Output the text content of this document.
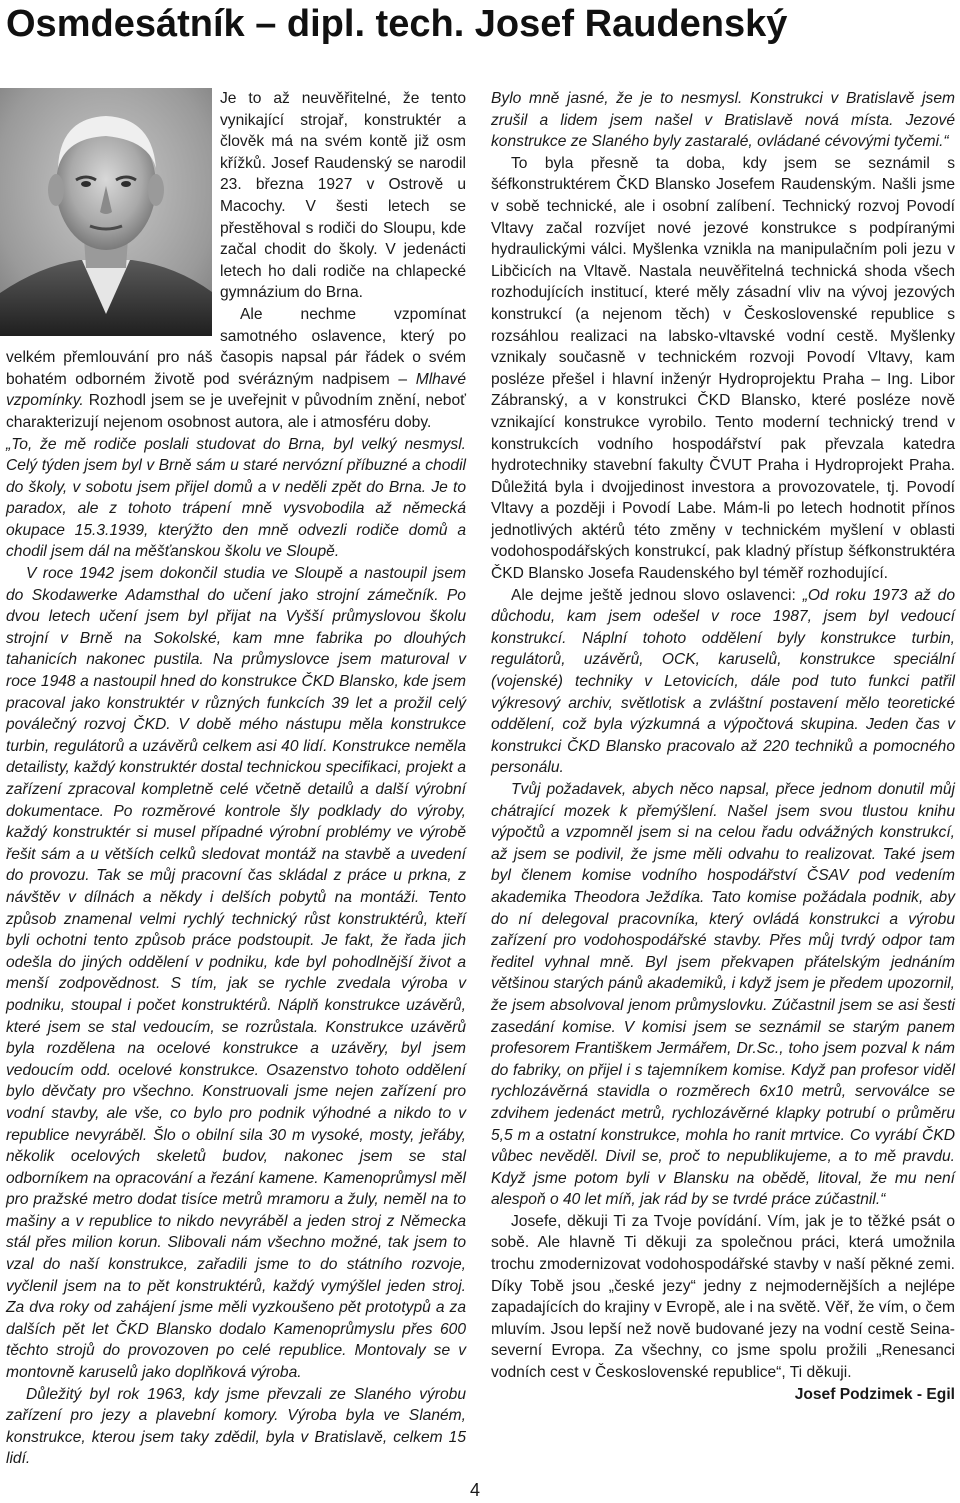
Osmdesátník – dipl. tech. Josef Raudenský

Je to až neuvěřitelné, že tento vynikající strojař, konstruktér a člověk má na svém kontě již osm křížků. Josef Raudenský se narodil 23. března 1927 v Ostrově u Macochy. V šesti letech se přestěhoval s rodiči do Sloupu, kde začal chodit do školy. V jedenácti letech ho dali rodiče na chlapecké gymnázium do Brna.

Ale nechme vzpomínat samotného oslavence, který po velkém přemlouvání pro náš časopis napsal pár řádek o svém bohatém odborném životě pod svérázným nadpisem – Mlhavé vzpomínky. Rozhodl jsem se je uveřejnit v původním znění, neboť charakterizují nejenom osobnost autora, ale i atmosféru doby.

„To, že mě rodiče poslali studovat do Brna, byl velký nesmysl. Celý týden jsem byl v Brně sám u staré nervózní příbuzné a chodil do školy, v sobotu jsem přijel domů a v neděli zpět do Brna. Je to paradox, ale z tohoto trápení mně vysvobodila až německá okupace 15.3.1939, kterýžto den mně odvezli rodiče domů a chodil jsem dál na měšťanskou školu ve Sloupě.

V roce 1942 jsem dokončil studia ve Sloupě a nastoupil jsem do Skodawerke Adamsthal do učení jako strojní zámečník. Po dvou letech učení jsem byl přijat na Vyšší průmyslovou školu strojní v Brně na Sokolské, kam mne fabrika po dlouhých tahanicích nakonec pustila. Na průmyslovce jsem maturoval v roce 1948 a nastoupil hned do konstrukce ČKD Blansko, kde jsem pracoval jako konstruktér v různých funkcích 39 let a prožil celý poválečný rozvoj ČKD. V době mého nástupu měla konstrukce turbin, regulátorů a uzávěrů celkem asi 40 lidí. Konstrukce neměla detailisty, každý konstruktér dostal technickou specifikaci, projekt a zařízení zpracoval kompletně celé včetně detailů a další výrobní dokumentace. Po rozměrové kontrole šly podklady do výroby, každý konstruktér si musel případné výrobní problémy ve výrobě řešit sám a u větších celků sledovat montáž na stavbě a uvedení do provozu. Tak se můj pracovní čas skládal z práce u prkna, z návštěv v dílnách a někdy i delších pobytů na montáži. Tento způsob znamenal velmi rychlý technický růst konstruktérů, kteří byli ochotni tento způsob práce podstoupit. Je fakt, že řada jich odešla do jiných oddělení v podniku, kde byl pohodlnější život a menší zodpovědnost. S tím, jak se rychle zvedala výroba v podniku, stoupal i počet konstruktérů. Náplň konstrukce uzávěrů, které jsem se stal vedoucím, se rozrůstala. Konstrukce uzávěrů byla rozdělena na ocelové konstrukce a uzávěry, byl jsem vedoucím odd. ocelové konstrukce. Osazenstvo tohoto oddělení bylo děvčaty pro všechno. Konstruovali jsme nejen zařízení pro vodní stavby, ale vše, co bylo pro podnik výhodné a nikdo to v republice nevyráběl. Šlo o obilní sila 30 m vysoké, mosty, jeřáby, několik ocelových skeletů budov, nakonec jsem se stal odborníkem na opracování a řezání kamene. Kamenoprůmysl měl pro pražské metro dodat tisíce metrů mramoru a žuly, neměl na to mašiny a v republice to nikdo nevyráběl a jeden stroj z Německa stál přes milion korun. Slibovali nám všechno možné, tak jsem to vzal do naší konstrukce, zařadili jsme to do státního rozvoje, vyčlenil jsem na to pět konstruktérů, každý vymýšlel jeden stroj. Za dva roky od zahájení jsme měli vyzkoušeno pět prototypů a za dalších pět let ČKD Blansko dodalo Kamenoprůmyslu přes 600 těchto strojů do provozoven po celé republice. Montovaly se v montovně karuselů jako doplňková výroba.

Důležitý byl rok 1963, kdy jsme převzali ze Slaného výrobu zařízení pro jezy a plavební komory. Výroba byla ve Slaném, konstrukce, kterou jsem taky zdědil, byla v Bratislavě, celkem 15 lidí.

Bylo mně jasné, že je to nesmysl. Konstrukci v Bratislavě jsem zrušil a lidem jsem našel v Bratislavě nová místa. Jezové konstrukce ze Slaného byly zastaralé, ovládané cévovými tyčemi.“

To byla přesně ta doba, kdy jsem se seznámil s šéfkonstruktérem ČKD Blansko Josefem Raudenským. Našli jsme v sobě technické, ale i osobní zalíbení. Technický rozvoj Povodí Vltavy začal rozvíjet nové jezové konstrukce s podpíranými hydraulickými válci. Myšlenka vznikla na manipulačním poli jezu v Libčicích na Vltavě. Nastala neuvěřitelná technická shoda všech rozhodujících institucí, které měly zásadní vliv na vývoj jezových konstrukcí (a nejenom těch) v Československé republice s rozsáhlou realizaci na labsko-vltavské vodní cestě. Myšlenky vznikaly současně v technickém rozvoji Povodí Vltavy, kam posléze přešel i hlavní inženýr Hydroprojektu Praha – Ing. Libor Zábranský, a v konstrukci ČKD Blansko, které posléze nově vznikající konstrukce vyrobilo. Tento moderní technický trend v konstrukcích vodního hospodářství pak převzala katedra hydrotechniky stavební fakulty ČVUT Praha i Hydroprojekt Praha. Důležitá byla i dvojjedinost investora a provozovatele, tj. Povodí Vltavy a později i Povodí Labe. Mám-li po letech hodnotit přínos jednotlivých aktérů této změny v technickém myšlení v oblasti vodohospodářských konstrukcí, pak kladný přístup šéfkonstruktéra ČKD Blansko Josefa Raudenského byl téměř rozhodující.

Ale dejme ještě jednou slovo oslavenci: „Od roku 1973 až do důchodu, kam jsem odešel v roce 1987, jsem byl vedoucí konstrukcí. Náplní tohoto oddělení byly konstrukce turbin, regulátorů, uzávěrů, OCK, karuselů, konstrukce speciální (vojenské) techniky v Letovicích, dále pod tuto funkci patřil výkresový archiv, světlotisk a zvláštní postavení mělo teoretické oddělení, což byla výzkumná a výpočtová skupina. Jeden čas v konstrukci ČKD Blansko pracovalo až 220 techniků a pomocného personálu.

Tvůj požadavek, abych něco napsal, přece jednom donutil můj chátrající mozek k přemýšlení. Našel jsem svou tlustou knihu výpočtů a vzpomněl jsem si na celou řadu odvážných konstrukcí, až jsem se podivil, že jsme měli odvahu to realizovat. Také jsem byl členem komise vodního hospodářství ČSAV pod vedením akademika Theodora Ježdíka. Tato komise požádala podnik, aby do ní delegoval pracovníka, který ovládá konstrukci a výrobu zařízení pro vodohospodářské stavby. Přes můj tvrdý odpor tam ředitel vyhnal mně. Byl jsem překvapen přátelským jednáním většinou starých pánů akademiků, i když jsem je předem upozornil, že jsem absolvoval jenom průmyslovku. Zúčastnil jsem se asi šesti zasedání komise. V komisi jsem se seznámil se starým panem profesorem Františkem Jermářem, Dr.Sc., toho jsem pozval k nám do fabriky, on přijel i s tajemníkem komise. Když pan profesor viděl rychlozávěrná stavidla o rozměrech 6x10 metrů, servoválce se zdvihem jedenáct metrů, rychlozávěrné klapky potrubí o průměru 5,5 m a ostatní konstrukce, mohla ho ranit mrtvice. Co vyrábí ČKD vůbec nevěděl. Divil se, proč to nepublikujeme, a to mě pravdu. Když jsme potom byli v Blansku na obědě, litoval, že mu není alespoň o 40 let míň, jak rád by se tvrdé práce zúčastnil.“

Josefe, děkuji Ti za Tvoje povídání. Vím, jak je to těžké psát o sobě. Ale hlavně Ti děkuji za společnou práci, která umožnila trochu zmodernizovat vodohospodářské stavby v naší pěkné zemi. Díky Tobě jsou „české jezy“ jedny z nejmodernějších a nejlépe zapadajících do krajiny v Evropě, ale i na světě. Věř, že vím, o čem mluvím. Jsou lepší než nově budované jezy na vodní cestě Seina-severní Evropa. Za všechny, co jsme spolu prožili „Renesanci vodních cest v Československé republice“, Ti děkuji.

Josef Podzimek - Egil

4
